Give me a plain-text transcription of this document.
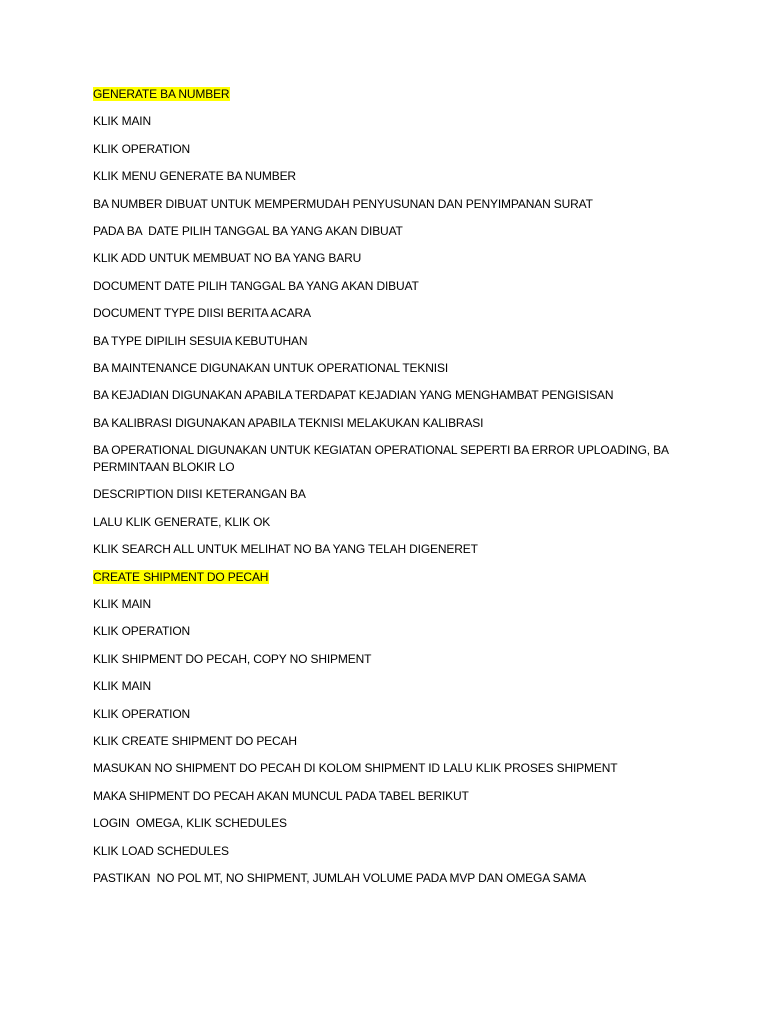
GENERATE BA NUMBER
KLIK MAIN
KLIK OPERATION
KLIK MENU GENERATE BA NUMBER
BA NUMBER DIBUAT UNTUK MEMPERMUDAH PENYUSUNAN DAN PENYIMPANAN SURAT
PADA BA  DATE PILIH TANGGAL BA YANG AKAN DIBUAT
KLIK ADD UNTUK MEMBUAT NO BA YANG BARU
DOCUMENT DATE PILIH TANGGAL BA YANG AKAN DIBUAT
DOCUMENT TYPE DIISI BERITA ACARA
BA TYPE DIPILIH SESUIA KEBUTUHAN
BA MAINTENANCE DIGUNAKAN UNTUK OPERATIONAL TEKNISI
BA KEJADIAN DIGUNAKAN APABILA TERDAPAT KEJADIAN YANG MENGHAMBAT PENGISISAN
BA KALIBRASI DIGUNAKAN APABILA TEKNISI MELAKUKAN KALIBRASI
BA OPERATIONAL DIGUNAKAN UNTUK KEGIATAN OPERATIONAL SEPERTI BA ERROR UPLOADING, BA PERMINTAAN BLOKIR LO
DESCRIPTION DIISI KETERANGAN BA
LALU KLIK GENERATE, KLIK OK
KLIK SEARCH ALL UNTUK MELIHAT NO BA YANG TELAH DIGENERET
CREATE SHIPMENT DO PECAH
KLIK MAIN
KLIK OPERATION
KLIK SHIPMENT DO PECAH, COPY NO SHIPMENT
KLIK MAIN
KLIK OPERATION
KLIK CREATE SHIPMENT DO PECAH
MASUKAN NO SHIPMENT DO PECAH DI KOLOM SHIPMENT ID LALU KLIK PROSES SHIPMENT
MAKA SHIPMENT DO PECAH AKAN MUNCUL PADA TABEL BERIKUT
LOGIN  OMEGA, KLIK SCHEDULES
KLIK LOAD SCHEDULES
PASTIKAN  NO POL MT, NO SHIPMENT, JUMLAH VOLUME PADA MVP DAN OMEGA SAMA
